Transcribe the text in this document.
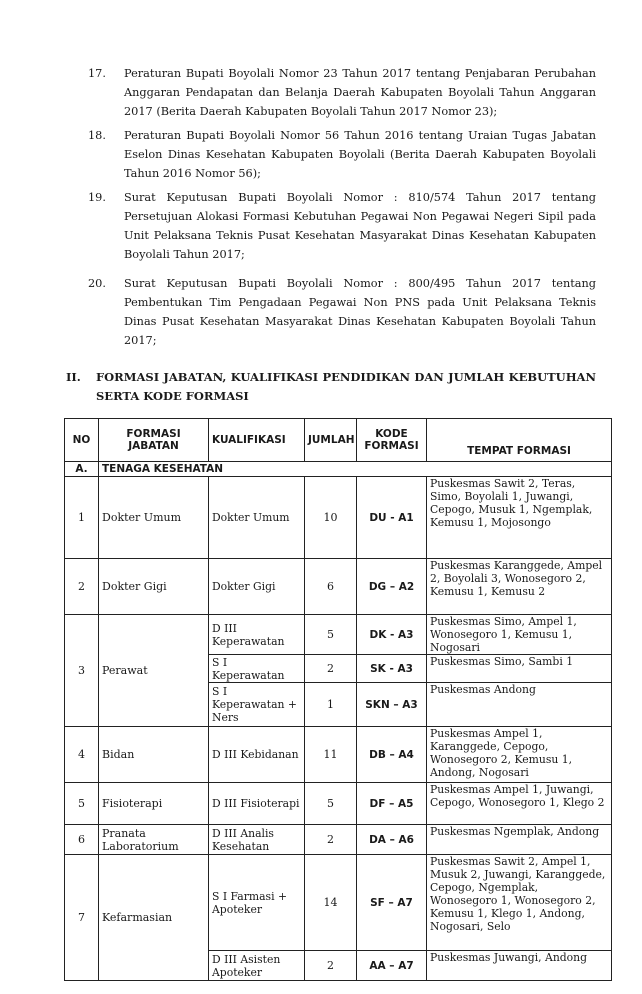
17.	Peraturan Bupati Boyolali Nomor 23 Tahun 2017 tentang Penjabaran Perubahan Anggaran Pendapatan dan Belanja Daerah Kabupaten Boyolali Tahun Anggaran 2017 (Berita Daerah Kabupaten Boyolali Tahun 2017 Nomor 23);
18.	Peraturan Bupati Boyolali Nomor 56 Tahun 2016 tentang Uraian Tugas Jabatan Eselon Dinas Kesehatan Kabupaten Boyolali (Berita Daerah Kabupaten Boyolali Tahun 2016 Nomor 56);
19.	Surat Keputusan Bupati Boyolali Nomor : 810/574 Tahun 2017 tentang Persetujuan Alokasi Formasi Kebutuhan Pegawai Non Pegawai Negeri Sipil pada Unit Pelaksana Teknis Pusat Kesehatan Masyarakat Dinas Kesehatan Kabupaten Boyolali Tahun 2017;
20.	Surat Keputusan Bupati Boyolali Nomor : 800/495 Tahun 2017 tentang Pembentukan Tim Pengadaan Pegawai Non PNS pada Unit Pelaksana Teknis Dinas Pusat Kesehatan Masyarakat Dinas Kesehatan Kabupaten Boyolali Tahun 2017;
II.	FORMASI JABATAN, KUALIFIKASI PENDIDIKAN DAN JUMLAH KEBUTUHAN SERTA KODE FORMASI
NO	FORMASI JABATAN	KUALIFIKASI	JUMLAH	KODE FORMASI	TEMPAT FORMASI
A.	TENAGA KESEHATAN				
1	Dokter Umum	Dokter Umum	10	DU - A1	Puskesmas Sawit 2, Teras, Simo, Boyolali 1, Juwangi, Cepogo, Musuk 1, Ngemplak, Kemusu 1, Mojosongo
2	Dokter Gigi	Dokter Gigi	6	DG – A2	Puskesmas Karanggede, Ampel 2, Boyolali 3, Wonosegoro 2, Kemusu 1, Kemusu 2
3	Perawat	D III Keperawatan	5	DK - A3	Puskesmas Simo, Ampel 1, Wonosegoro 1, Kemusu 1, Nogosari
		S I Keperawatan	2	SK - A3	Puskesmas Simo, Sambi 1
		S I Keperawatan + Ners	1	SKN – A3	Puskesmas Andong
4	Bidan	D III Kebidanan	11	DB – A4	Puskesmas Ampel 1, Karanggede, Cepogo, Wonosegoro 2, Kemusu 1, Andong, Nogosari
5	Fisioterapi	D III Fisioterapi	5	DF – A5	Puskesmas Ampel 1, Juwangi, Cepogo, Wonosegoro 1, Klego 2
6	Pranata Laboratorium	D III Analis Kesehatan	2	DA – A6	Puskesmas Ngemplak, Andong
7	Kefarmasian	S I Farmasi + Apoteker	14	SF – A7	Puskesmas Sawit 2, Ampel 1, Musuk 2, Juwangi, Karanggede, Cepogo, Ngemplak, Wonosegoro 1, Wonosegoro 2, Kemusu 1, Klego 1, Andong, Nogosari, Selo
		D III Asisten Apoteker	2	AA – A7	Puskesmas Juwangi, Andong
